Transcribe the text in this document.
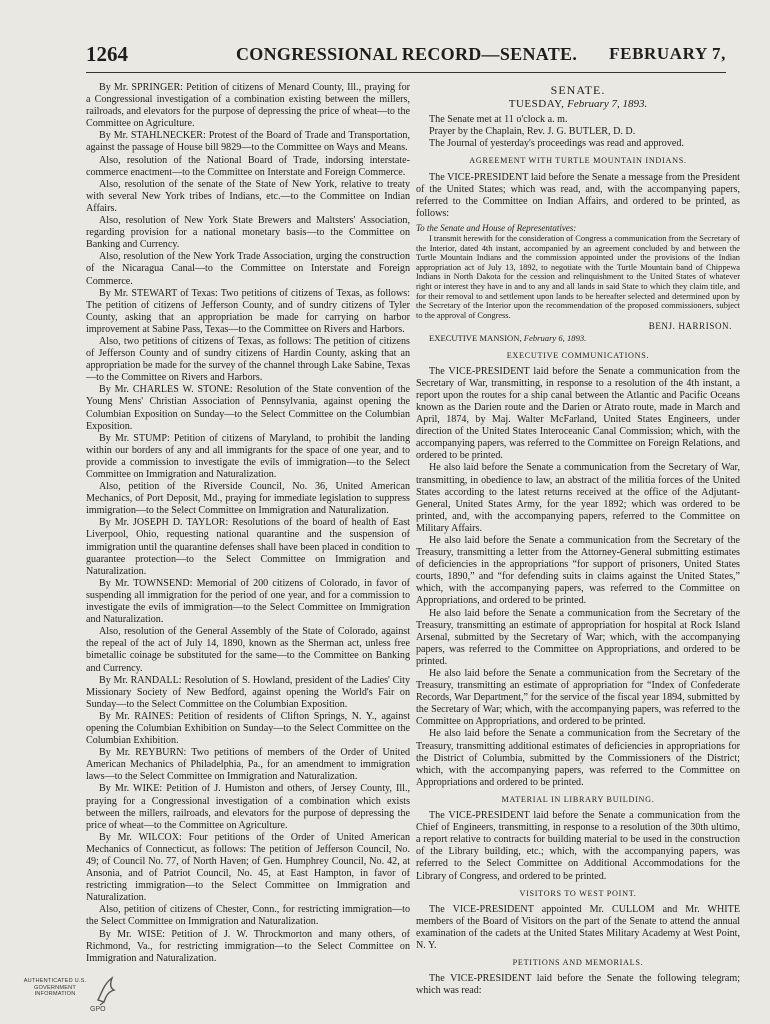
1264	CONGRESSIONAL RECORD—SENATE. FEBRUARY 7,

By Mr. SPRINGER: Petition of citizens of Menard County, Ill., praying for a Congressional investigation of a combination existing between the millers, railroads, and elevators for the purpose of depressing the price of wheat—to the Committee on Agriculture.

By Mr. STAHLNECKER: Protest of the Board of Trade and Transportation, against the passage of House bill 9829—to the Committee on Ways and Means.

Also, resolution of the National Board of Trade, indorsing interstate-commerce enactment—to the Committee on Interstate and Foreign Commerce.

Also, resolution of the senate of the State of New York, relative to treaty with several New York tribes of Indians, etc.—to the Committee on Indian Affairs.

Also, resolution of New York State Brewers and Maltsters' Association, regarding provision for a national monetary basis—to the Committee on Banking and Currency.

Also, resolution of the New York Trade Association, urging the construction of the Nicaragua Canal—to the Committee on Interstate and Foreign Commerce.

By Mr. STEWART of Texas: Two petitions of citizens of Texas, as follows: The petition of citizens of Jefferson County, and of sundry citizens of Tyler County, asking that an appropriation be made for carrying on harbor improvement at Sabine Pass, Texas—to the Committee on Rivers and Harbors.

Also, two petitions of citizens of Texas, as follows: The petition of citizens of Jefferson County and of sundry citizens of Hardin County, asking that an appropriation be made for the survey of the channel through Lake Sabine, Texas—to the Committee on Rivers and Harbors.

By Mr. CHARLES W. STONE: Resolution of the State convention of the Young Mens' Christian Association of Pennsylvania, against opening the Columbian Exposition on Sunday—to the Select Committee on the Columbian Exposition.

By Mr. STUMP: Petition of citizens of Maryland, to prohibit the landing within our borders of any and all immigrants for the space of one year, and to provide a commission to investigate the evils of immigration—to the Select Committee on Immigration and Naturalization.

Also, petition of the Riverside Council, No. 36, United American Mechanics, of Port Deposit, Md., praying for immediate legislation to suppress immigration—to the Select Committee on Immigration and Naturalization.

By Mr. JOSEPH D. TAYLOR: Resolutions of the board of health of East Liverpool, Ohio, requesting national quarantine and the suspension of immigration until the quarantine defenses shall have been placed in condition to guarantee protection—to the Select Committee on Immigration and Naturalization.

By Mr. TOWNSEND: Memorial of 200 citizens of Colorado, in favor of suspending all immigration for the period of one year, and for a commission to investigate the evils of immigration—to the Select Committee on Immigration and Naturalization.

Also, resolution of the General Assembly of the State of Colorado, against the repeal of the act of July 14, 1890, known as the Sherman act, unless free bimetallic coinage be substituted for the same—to the Committee on Banking and Currency.

By Mr. RANDALL: Resolution of S. Howland, president of the Ladies' City Missionary Society of New Bedford, against opening the World's Fair on Sunday—to the Select Committee on the Columbian Exposition.

By Mr. RAINES: Petition of residents of Clifton Springs, N. Y., against opening the Columbian Exhibition on Sunday—to the Select Committee on the Columbian Exhibition.

By Mr. REYBURN: Two petitions of members of the Order of United American Mechanics of Philadelphia, Pa., for an amendment to immigration laws—to the Select Committee on Immigration and Naturalization.

By Mr. WIKE: Petition of J. Humiston and others, of Jersey County, Ill., praying for a Congressional investigation of a combination which exists between the millers, railroads, and elevators for the purpose of depressing the price of wheat—to the Committee on Agriculture.

By Mr. WILCOX: Four petitions of the Order of United American Mechanics of Connecticut, as follows: The petition of Jefferson Council, No. 49; of Council No. 77, of North Haven; of Gen. Humphrey Council, No. 42, at Ansonia, and of Patriot Council, No. 45, at East Hampton, in favor of restricting immigration—to the Select Committee on Immigration and Naturalization.

Also, petition of citizens of Chester, Conn., for restricting immigration—to the Select Committee on Immigration and Naturalization.

By Mr. WISE: Petition of J. W. Throckmorton and many others, of Richmond, Va., for restricting immigration—to the Select Committee on Immigration and Naturalization.

SENATE.
TUESDAY, February 7, 1893.

The Senate met at 11 o'clock a. m.

Prayer by the Chaplain, Rev. J. G. BUTLER, D. D.

The Journal of yesterday's proceedings was read and approved.

AGREEMENT WITH TURTLE MOUNTAIN INDIANS.

The VICE-PRESIDENT laid before the Senate a message from the President of the United States; which was read, and, with the accompanying papers, referred to the Committee on Indian Affairs, and ordered to be printed, as follows:

To the Senate and House of Representatives:

I transmit herewith for the consideration of Congress a communication from the Secretary of the Interior, dated 4th instant, accompanied by an agreement concluded by and between the Turtle Mountain Indians and the commission appointed under the provisions of the Indian appropriation act of July 13, 1892, to negotiate with the Turtle Mountain band of Chippewa Indians in North Dakota for the cession and relinquishment to the United States of whatever right or interest they have in and to any and all lands in said State to which they claim title, and for their removal to and settlement upon lands to be hereafter selected and determined upon by the Secretary of the Interior upon the recommendation of the proposed commissioners, subject to the approval of Congress.

BENJ. HARRISON.

EXECUTIVE MANSION, February 6, 1893.

EXECUTIVE COMMUNICATIONS.

The VICE-PRESIDENT laid before the Senate a communication from the Secretary of War, transmitting, in response to a resolution of the 4th instant, a report upon the routes for a ship canal between the Atlantic and Pacific Oceans known as the Darien route and the Darien or Atrato route, made in March and April, 1874, by Maj. Walter McFarland, United States Engineers, under direction of the United States Interoceanic Canal Commission; which, with the accompanying papers, was referred to the Committee on Foreign Relations, and ordered to be printed.

He also laid before the Senate a communication from the Secretary of War, transmitting, in obedience to law, an abstract of the militia forces of the United States according to the latest returns received at the office of the Adjutant-General, United States Army, for the year 1892; which was ordered to be printed, and, with the accompanying papers, referred to the Committee on Military Affairs.

He also laid before the Senate a communication from the Secretary of the Treasury, transmitting a letter from the Attorney-General submitting estimates of deficiencies in the appropriations “for support of prisoners, United States courts, 1890,” and “for defending suits in claims against the United States,” which, with the accompanying papers, was referred to the Committee on Appropriations, and ordered to be printed.

He also laid before the Senate a communication from the Secretary of the Treasury, transmitting an estimate of appropriation for hospital at Rock Island Arsenal, submitted by the Secretary of War; which, with the accompanying papers, was referred to the Committee on Appropriations, and ordered to be printed.

He also laid before the Senate a communication from the Secretary of the Treasury, transmitting an estimate of appropriation for “Index of Confederate Records, War Department,” for the service of the fiscal year 1894, submitted by the Secretary of War; which, with the accompanying papers, was referred to the Committee on Appropriations, and ordered to be printed.

He also laid before the Senate a communication from the Secretary of the Treasury, transmitting additional estimates of deficiencies in appropriations for the District of Columbia, submitted by the Commissioners of the District; which, with the accompanying papers, was referred to the Committee on Appropriations and ordered to be printed.

MATERIAL IN LIBRARY BUILDING.

The VICE-PRESIDENT laid before the Senate a communication from the Chief of Engineers, transmitting, in response to a resolution of the 30th ultimo, a report relative to contracts for building material to be used in the construction of the Library building, etc.; which, with the accompanying papers, was referred to the Select Committee on Additional Accommodations for the Library of Congress, and ordered to be printed.

VISITORS TO WEST POINT.

The VICE-PRESIDENT appointed Mr. CULLOM and Mr. WHITE members of the Board of Visitors on the part of the Senate to attend the annual examination of the cadets at the United States Military Academy at West Point, N. Y.

PETITIONS AND MEMORIALS.

The VICE-PRESIDENT laid before the Senate the following telegram; which was read:

AUTHENTICATED U.S. GOVERNMENT INFORMATION
GPO
